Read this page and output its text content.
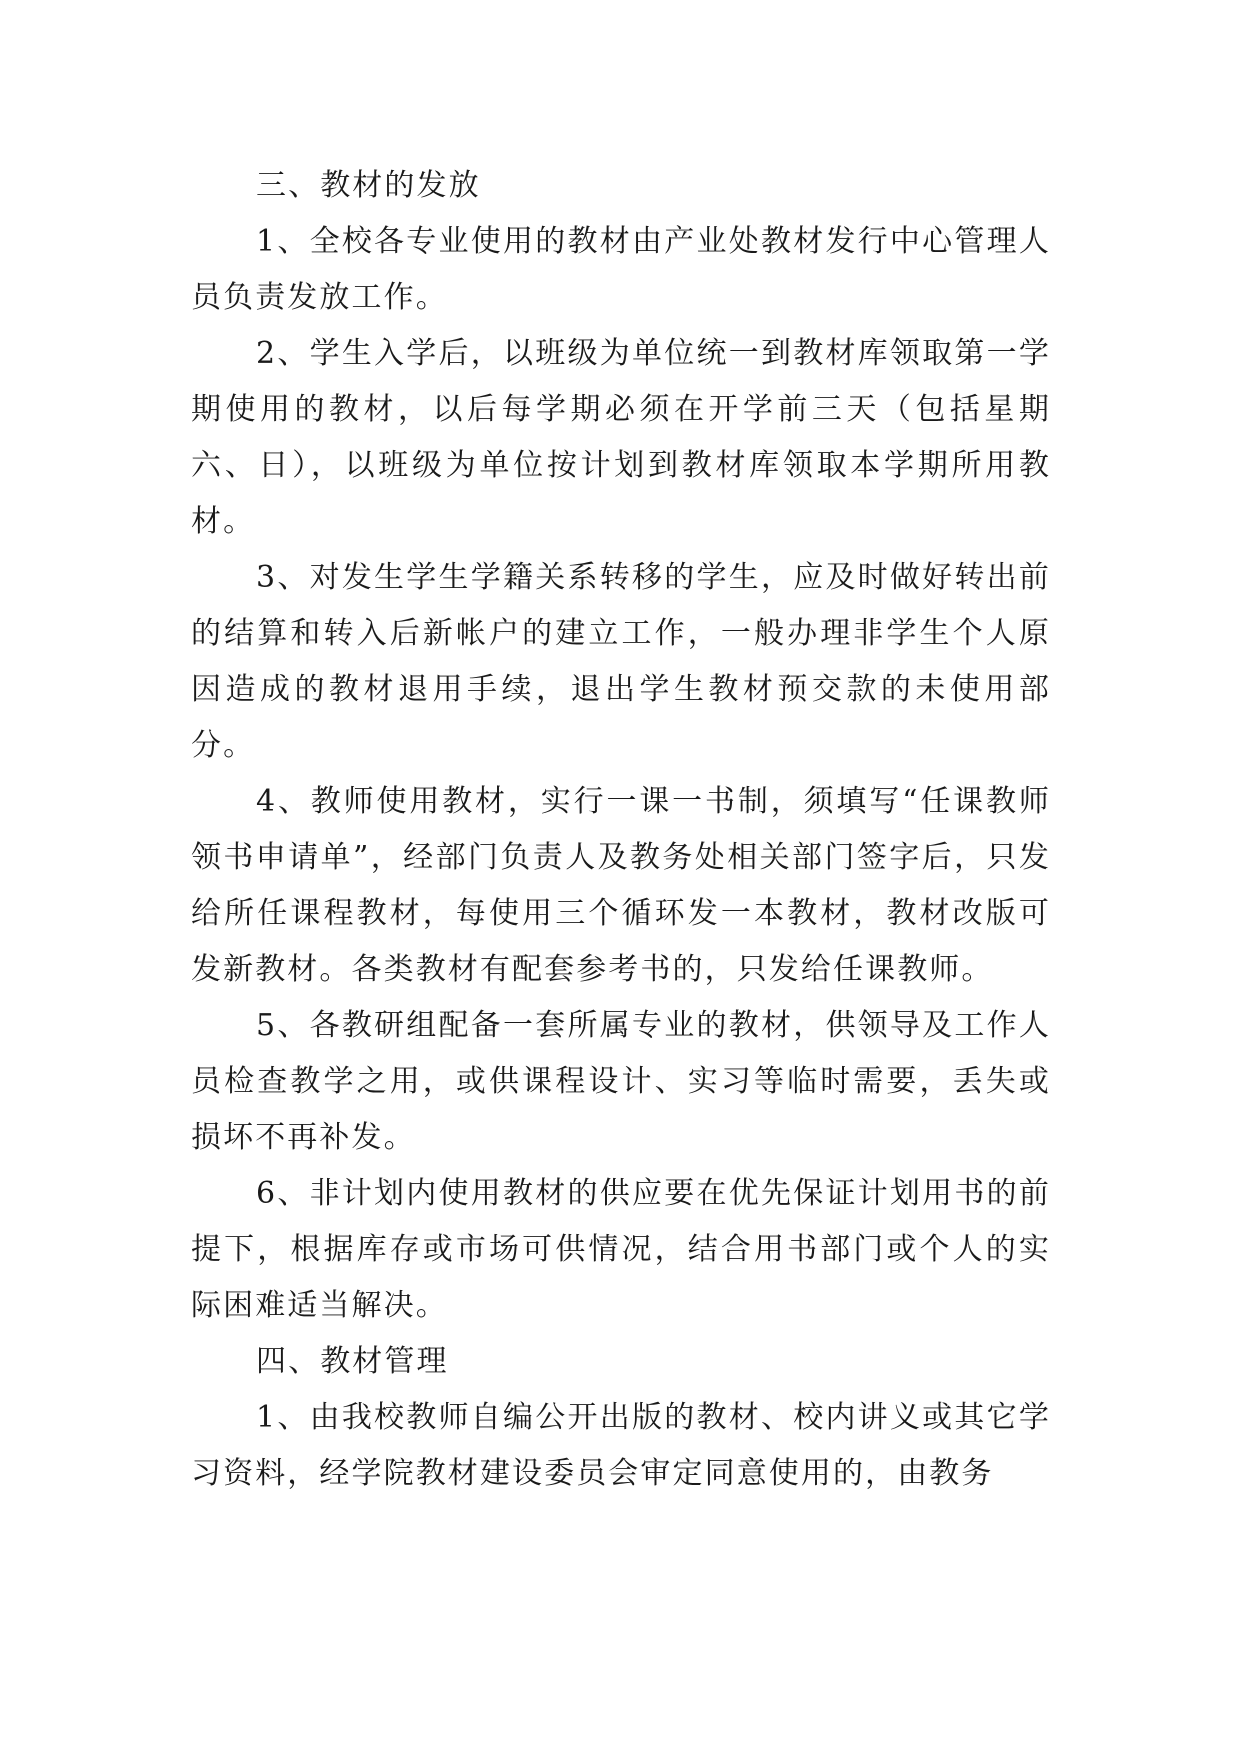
三、教材的发放

1、全校各专业使用的教材由产业处教材发行中心管理人员负责发放工作。

2、学生入学后，以班级为单位统一到教材库领取第一学期使用的教材，以后每学期必须在开学前三天（包括星期六、日），以班级为单位按计划到教材库领取本学期所用教材。

3、对发生学生学籍关系转移的学生，应及时做好转出前的结算和转入后新帐户的建立工作，一般办理非学生个人原因造成的教材退用手续，退出学生教材预交款的未使用部分。

4、教师使用教材，实行一课一书制，须填写“任课教师领书申请单”，经部门负责人及教务处相关部门签字后，只发给所任课程教材，每使用三个循环发一本教材，教材改版可发新教材。各类教材有配套参考书的，只发给任课教师。

5、各教研组配备一套所属专业的教材，供领导及工作人员检查教学之用，或供课程设计、实习等临时需要，丢失或损坏不再补发。

6、非计划内使用教材的供应要在优先保证计划用书的前提下，根据库存或市场可供情况，结合用书部门或个人的实际困难适当解决。

四、教材管理

1、由我校教师自编公开出版的教材、校内讲义或其它学习资料，经学院教材建设委员会审定同意使用的，由教务
